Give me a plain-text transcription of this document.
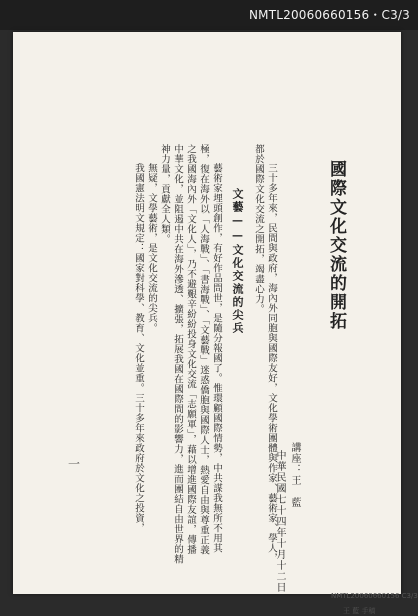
NMTL20060660156・C3/3
國際文化交流的開拓
講座：王　藍
中華民國七十四年十月十二日

三十多年來，民間與政府，海內外同胞與國際友好，文化學術團體與作家、藝術家、學人，都於國際文化交流之開拓，竭盡心力。

文藝——文化交流的尖兵

藝術家埋頭創作，有好作品問世，是隨分報國了。惟環顧國際情勢，中共謀我無所不用其極，復在海外以「人海戰」、「書海戰」、「文藝戰」迷惑僑胞與國際人士，熱愛自由與尊重正義之我國海內外「文化人」，乃不避艱辛紛紛投身文化交流「志願軍」，藉以增進國際友誼，傳播中華文化，並阻遏中共在海外滲透、擴張，拓展我國在國際間的影響力，進而團結自由世界的精神力量，貢獻全人類。

無疑，文學藝術，是文化交流的尖兵。

我國憲法明文規定：國家對科學、教育、文化並重。三十多年來政府於文化之投資，

一
NMTL20060660156 C3/3
王 藍 手稿
